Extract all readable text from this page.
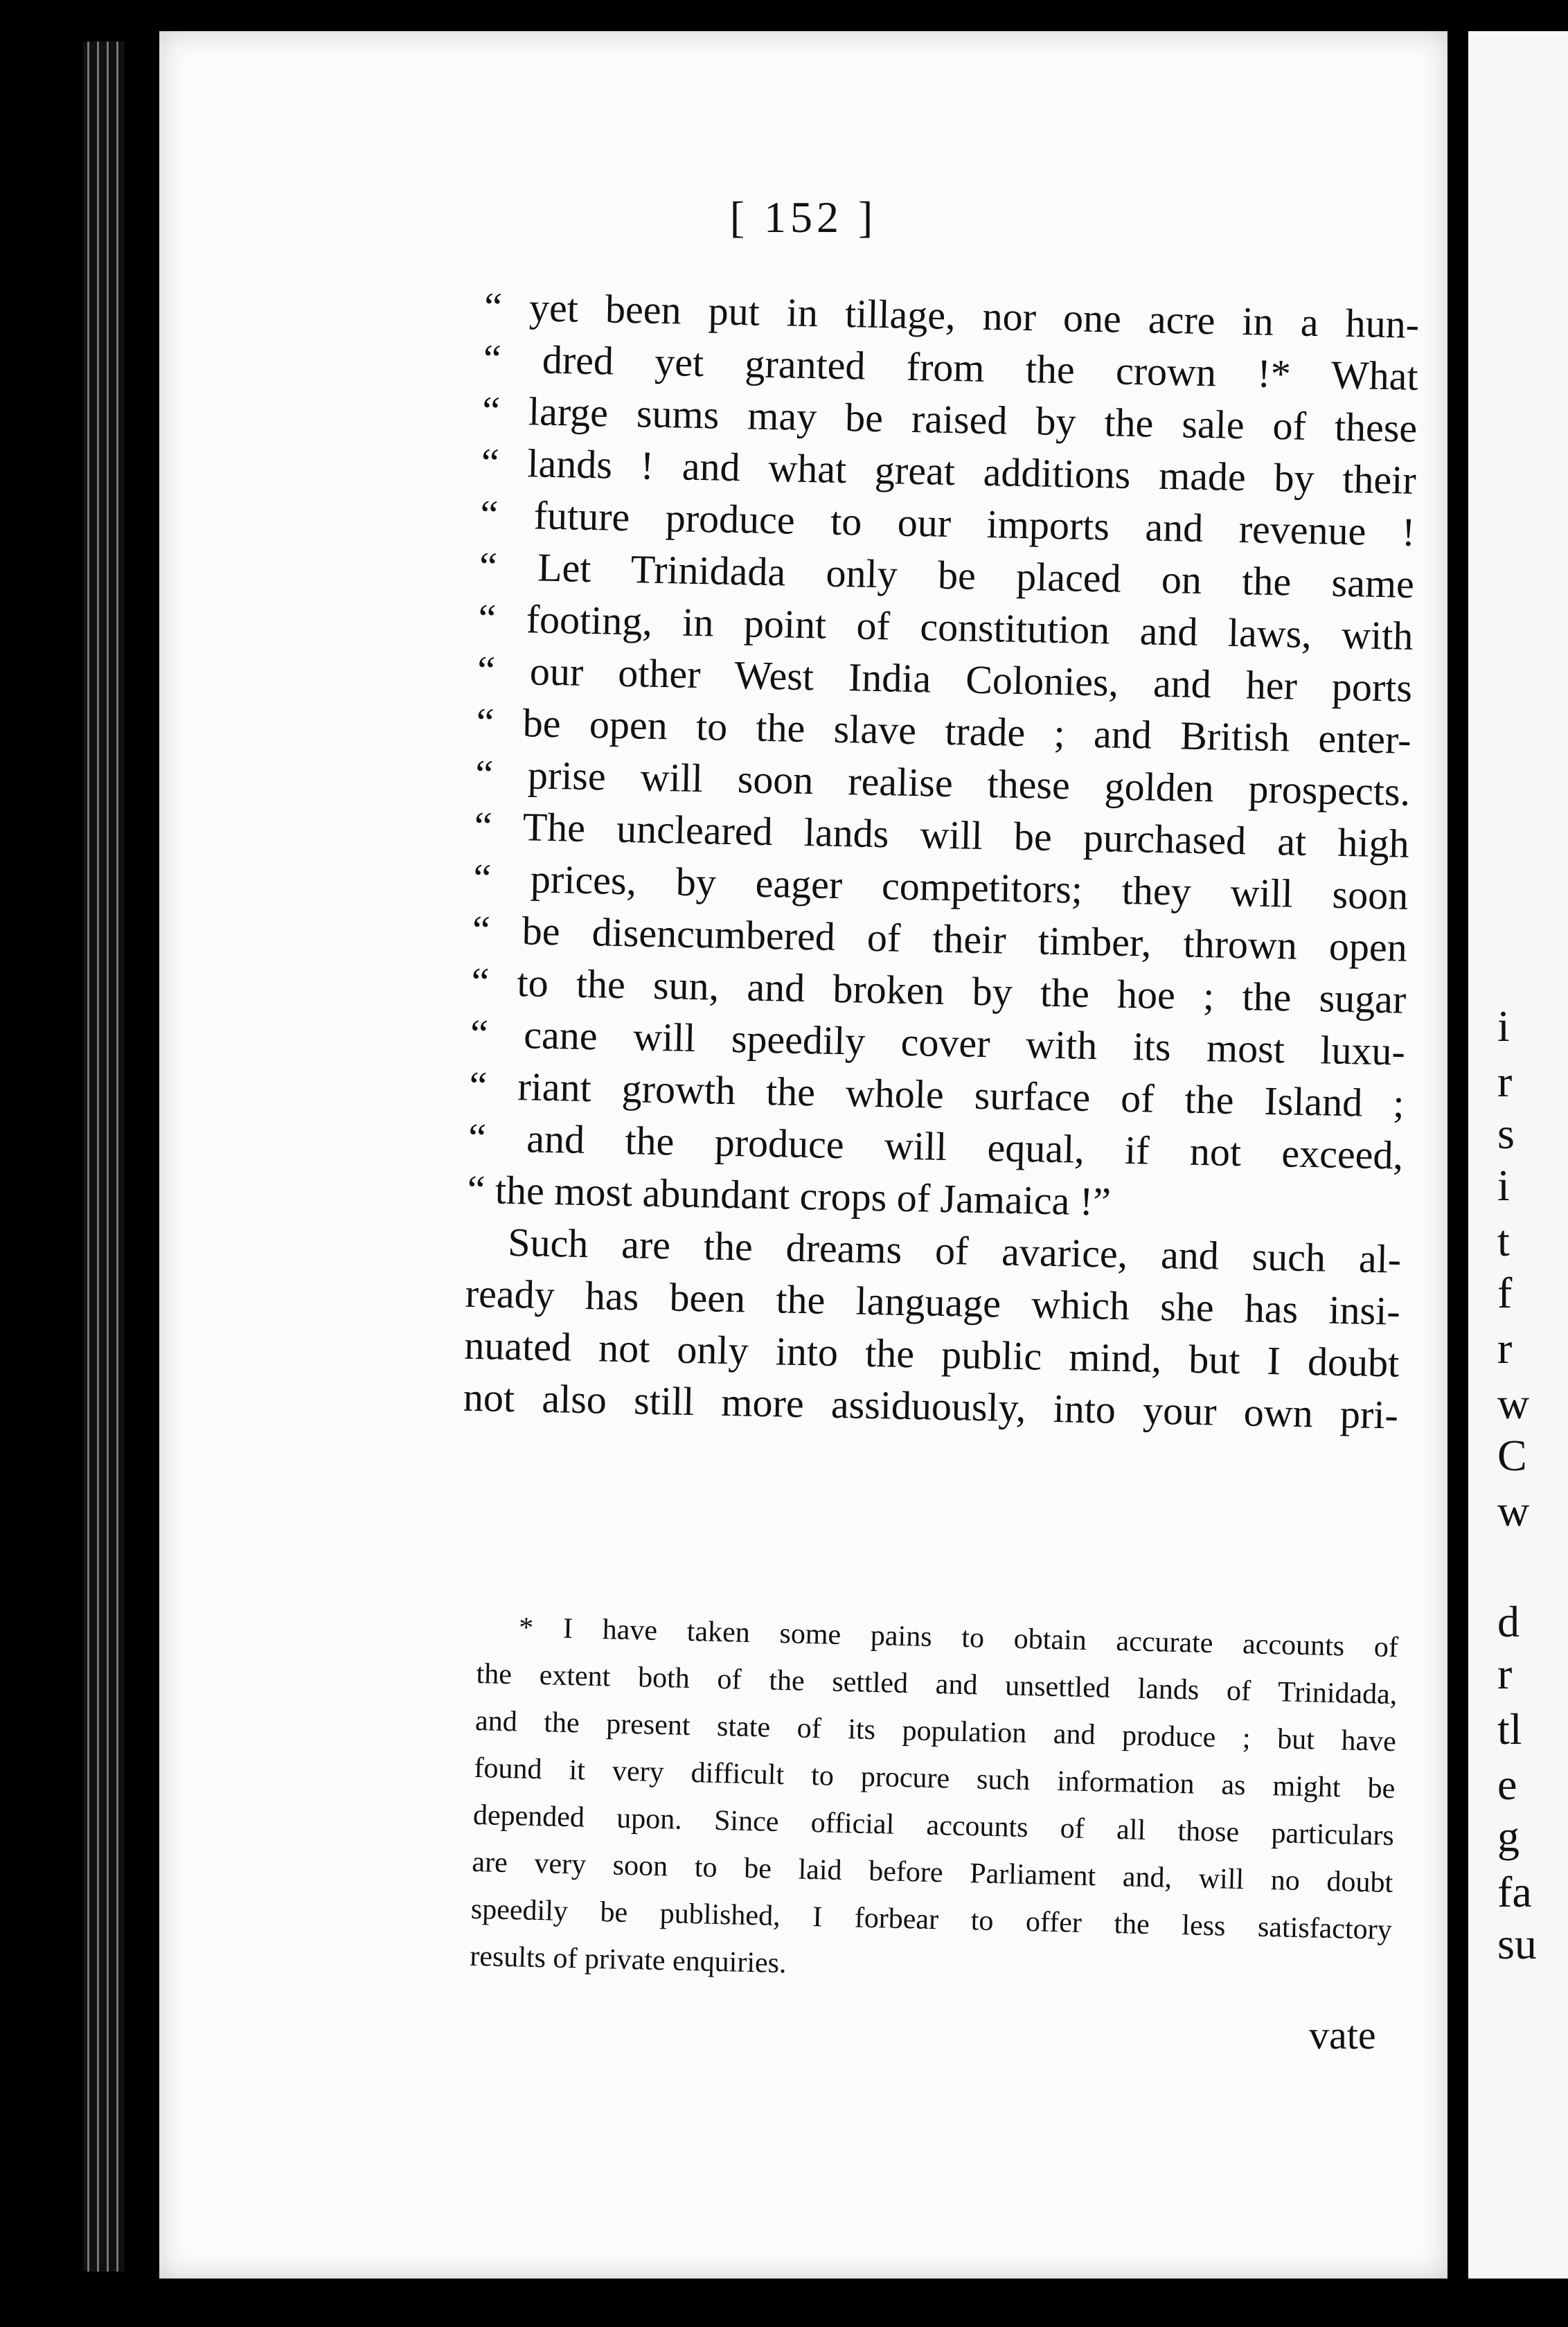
[ 152 ]
“ yet been put in tillage, nor one acre in a hun-
“ dred yet granted from the crown !* What
“ large sums may be raised by the sale of these
“ lands ! and what great additions made by their
“ future produce to our imports and revenue !
“ Let Trinidada only be placed on the same
“ footing, in point of constitution and laws, with
“ our other West India Colonies, and her ports
“ be open to the slave trade ; and British enter-
“ prise will soon realise these golden prospects.
“ The uncleared lands will be purchased at high
“ prices, by eager competitors; they will soon
“ be disencumbered of their timber, thrown open
“ to the sun, and broken by the hoe ; the sugar
“ cane will speedily cover with its most luxu-
“ riant growth the whole surface of the Island ;
“ and the produce will equal, if not exceed,
“ the most abundant crops of Jamaica !”
Such are the dreams of avarice, and such al-
ready has been the language which she has insi-
nuated not only into the public mind, but I doubt
not also still more assiduously, into your own pri-
* I have taken some pains to obtain accurate accounts of
the extent both of the settled and unsettled lands of Trinidada,
and the present state of its population and produce ; but have
found it very difficult to procure such information as might be
depended upon. Since official accounts of all those particulars
are very soon to be laid before Parliament and, will no doubt
speedily be published, I forbear to offer the less satisfactory
results of private enquiries.
vate
i
r
s
i
t
f
r
w
C
w
d
r
tl
e
g
fa
su
